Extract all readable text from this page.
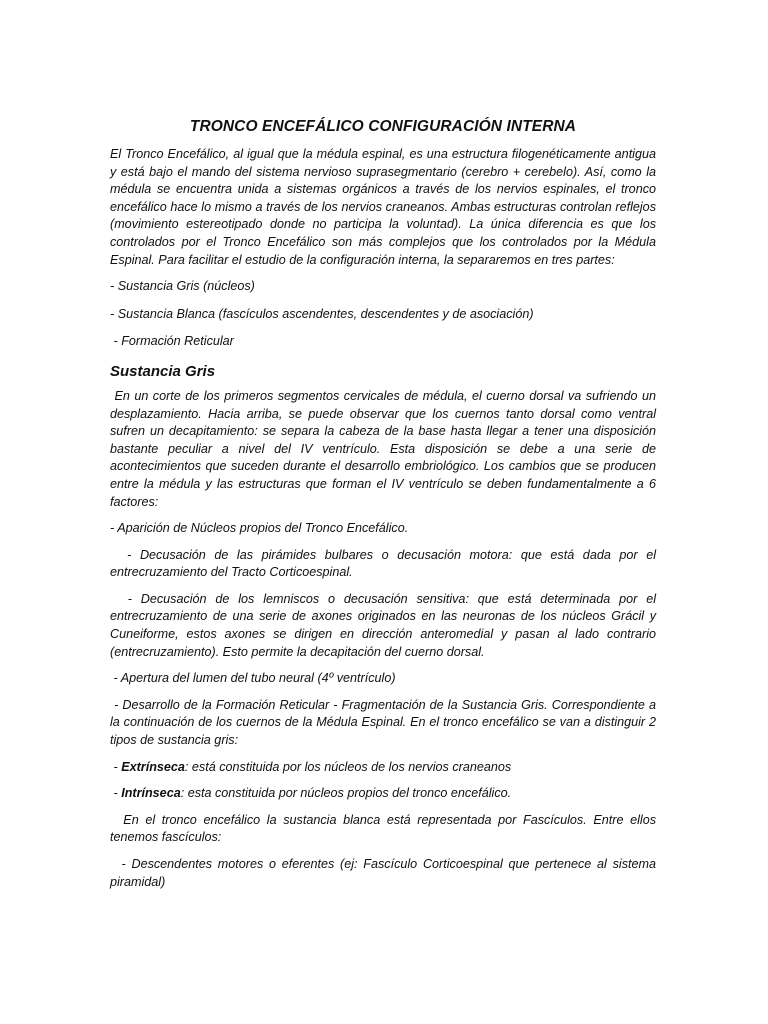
TRONCO ENCEFÁLICO CONFIGURACIÓN INTERNA

El Tronco Encefálico, al igual que la médula espinal, es una estructura filogenéticamente antigua y está bajo el mando del sistema nervioso suprasegmentario (cerebro + cerebelo). Así, como la médula se encuentra unida a sistemas orgánicos a través de los nervios espinales, el tronco encefálico hace lo mismo a través de los nervios craneanos. Ambas estructuras controlan reflejos (movimiento estereotipado donde no participa la voluntad). La única diferencia es que los controlados por el Tronco Encefálico son más complejos que los controlados por la Médula Espinal. Para facilitar el estudio de la configuración interna, la separaremos en tres partes:

- Sustancia Gris (núcleos)

- Sustancia Blanca (fascículos ascendentes, descendentes y de asociación)

- Formación Reticular

Sustancia Gris

En un corte de los primeros segmentos cervicales de médula, el cuerno dorsal va sufriendo un desplazamiento. Hacia arriba, se puede observar que los cuernos tanto dorsal como ventral sufren un decapitamiento: se separa la cabeza de la base hasta llegar a tener una disposición bastante peculiar a nivel del IV ventrículo. Esta disposición se debe a una serie de acontecimientos que suceden durante el desarrollo embriológico. Los cambios que se producen entre la médula y las estructuras que forman el IV ventrículo se deben fundamentalmente a 6 factores:

- Aparición de Núcleos propios del Tronco Encefálico.

- Decusación de las pirámides bulbares o decusación motora: que está dada por el entrecruzamiento del Tracto Corticoespinal.

- Decusación de los lemniscos o decusación sensitiva: que está determinada por el entrecruzamiento de una serie de axones originados en las neuronas de los núcleos Grácil y Cuneiforme, estos axones se dirigen en dirección anteromedial y pasan al lado contrario (entrecruzamiento). Esto permite la decapitación del cuerno dorsal.

- Apertura del lumen del tubo neural (4º ventrículo)

- Desarrollo de la Formación Reticular - Fragmentación de la Sustancia Gris. Correspondiente a la continuación de los cuernos de la Médula Espinal. En el tronco encefálico se van a distinguir 2 tipos de sustancia gris:

- Extrínseca: está constituida por los núcleos de los nervios craneanos

- Intrínseca: esta constituida por núcleos propios del tronco encefálico.

En el tronco encefálico la sustancia blanca está representada por Fascículos. Entre ellos tenemos fascículos:

- Descendentes motores o eferentes (ej: Fascículo Corticoespinal que pertenece al sistema piramidal)
